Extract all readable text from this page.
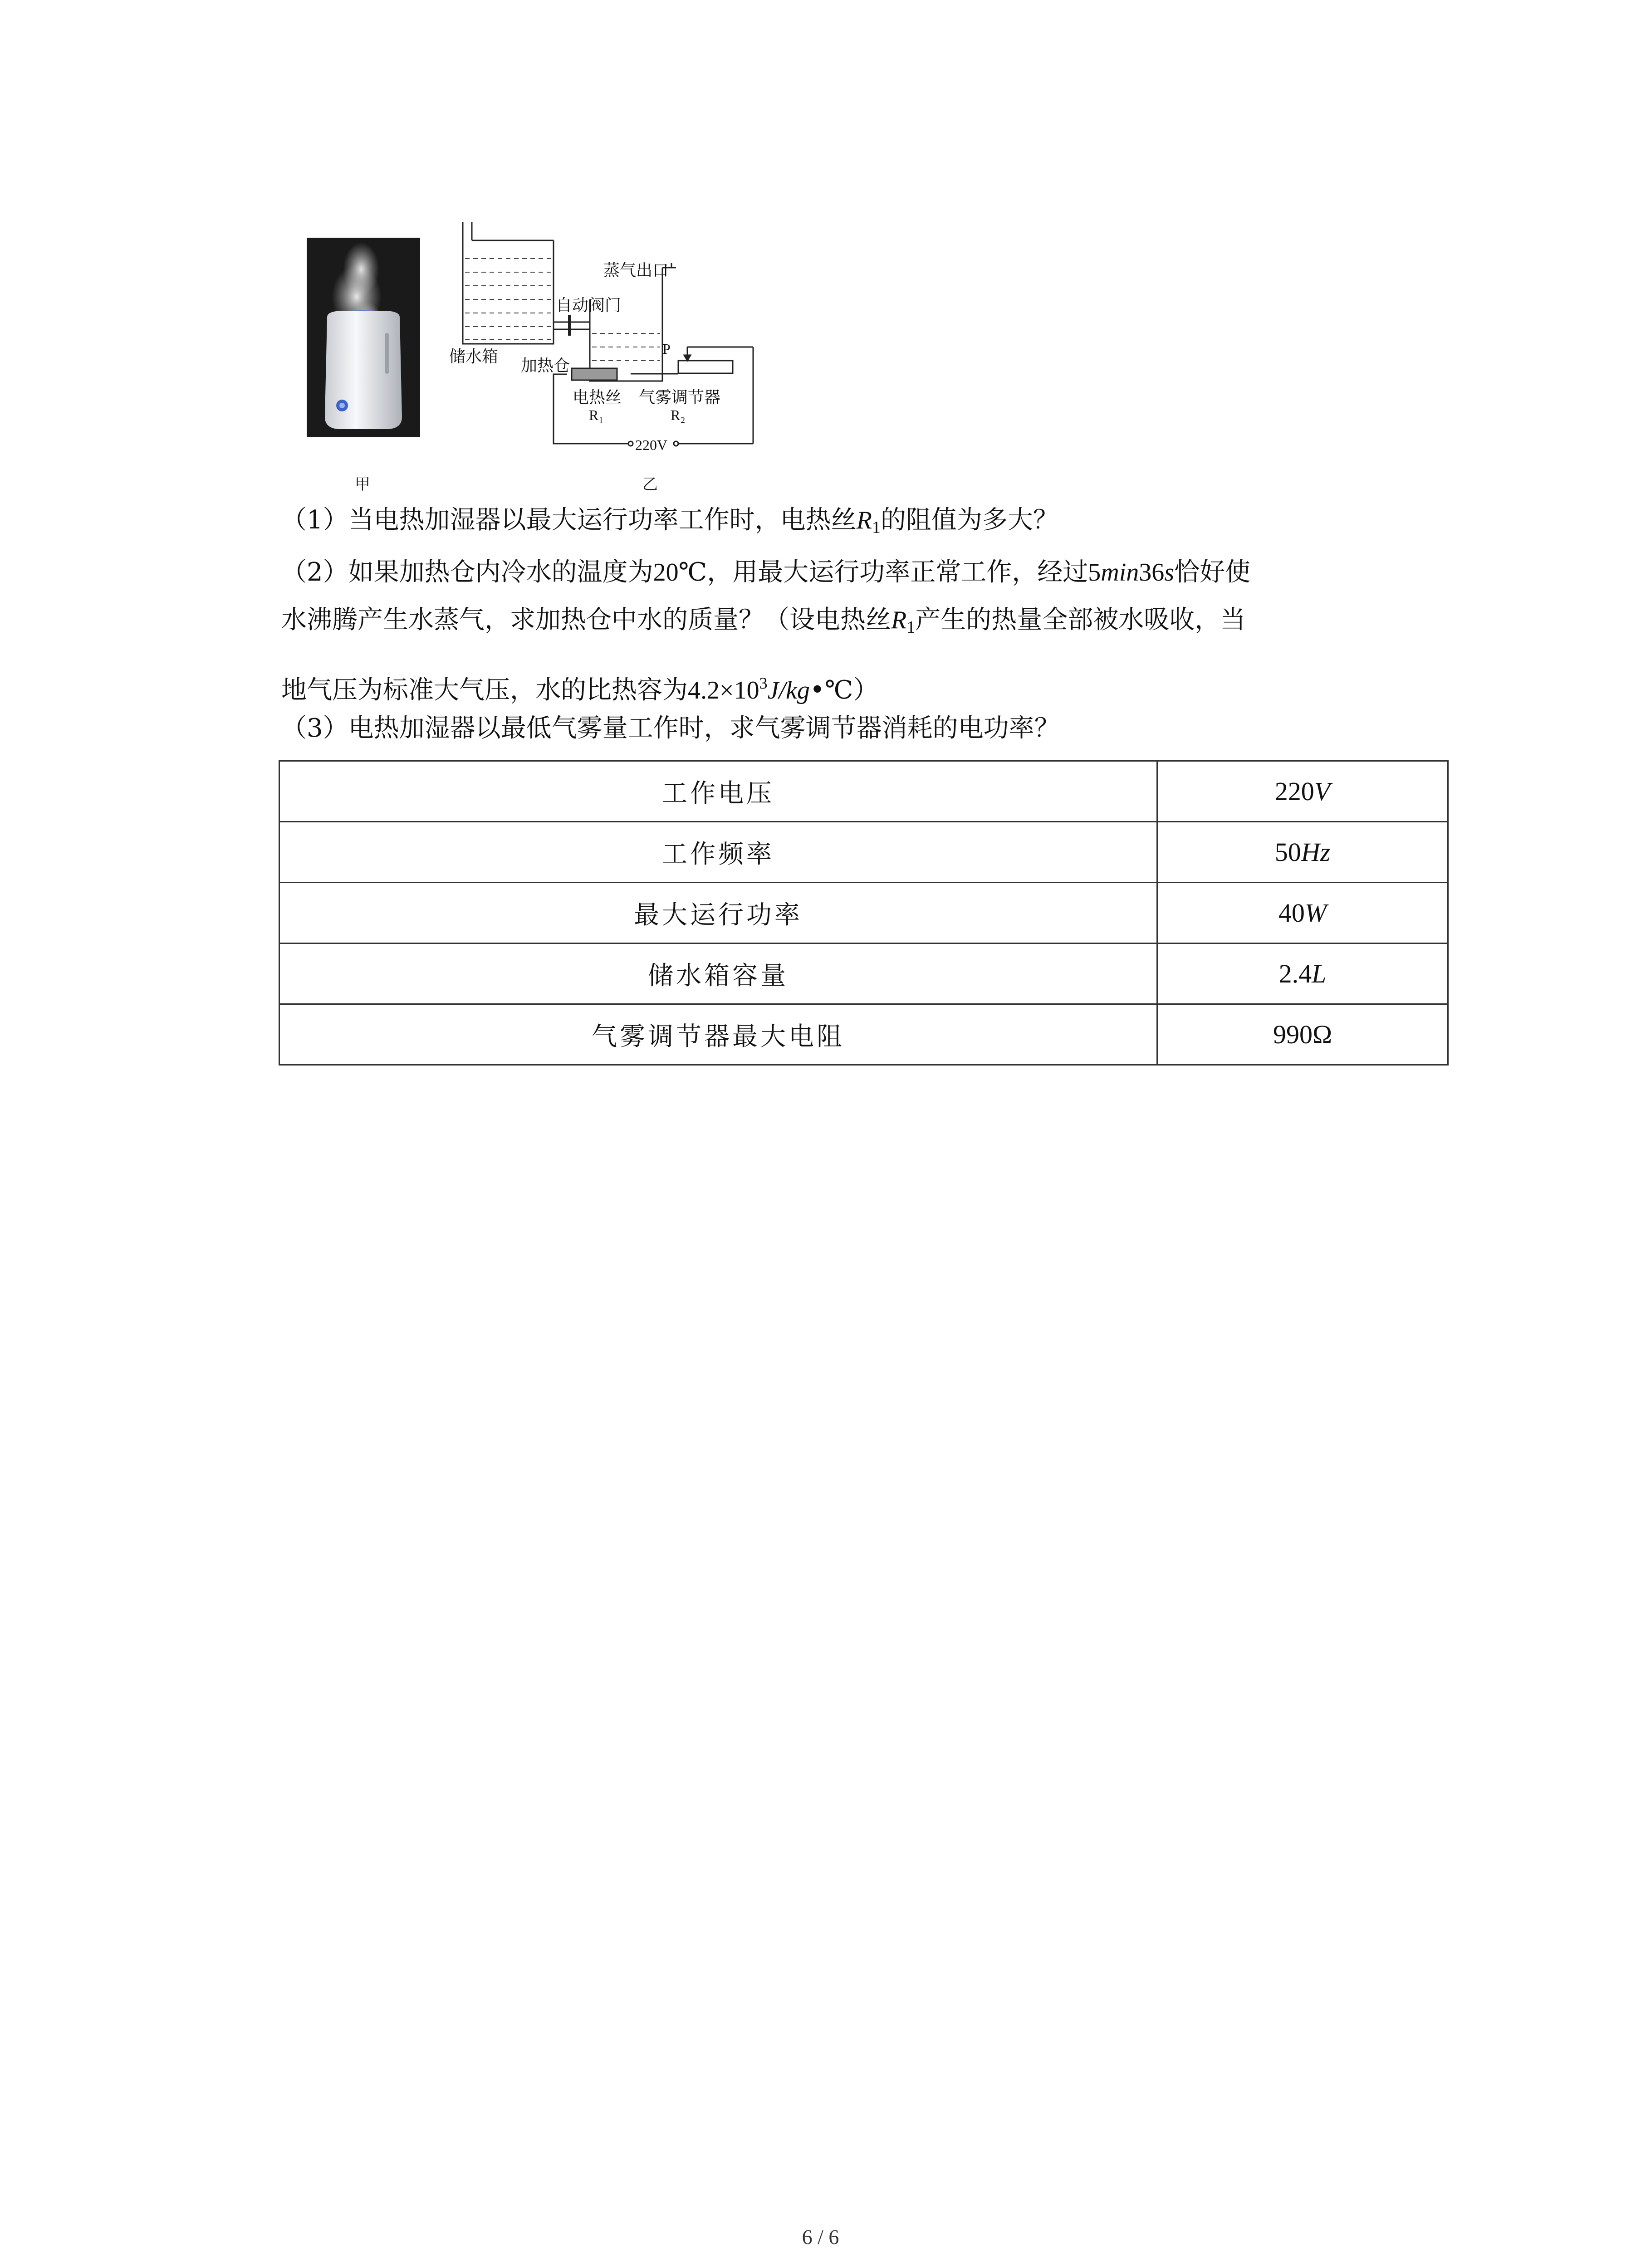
甲
蒸气出口
自动阀门
储水箱 加热仓
P
电热丝
R₁
气雾调节器
R₂
220V
乙
（1）当电热加湿器以最大运行功率工作时，电热丝$R_1$的阻值为多大？
（2）如果加热仓内冷水的温度为20℃，用最大运行功率正常工作，经过5min36s恰好使
水沸腾产生水蒸气，求加热仓中水的质量？（设电热丝$R_1$产生的热量全部被水吸收，当
地气压为标准大气压，水的比热容为$4.2\times 10^3J/kg•℃$）
（3）电热加湿器以最低气雾量工作时，求气雾调节器消耗的电功率？
工作电压	220V
工作频率	50Hz
最大运行功率	40W
储水箱容量	2.4L
气雾调节器最大电阻	990Ω
6 / 6
